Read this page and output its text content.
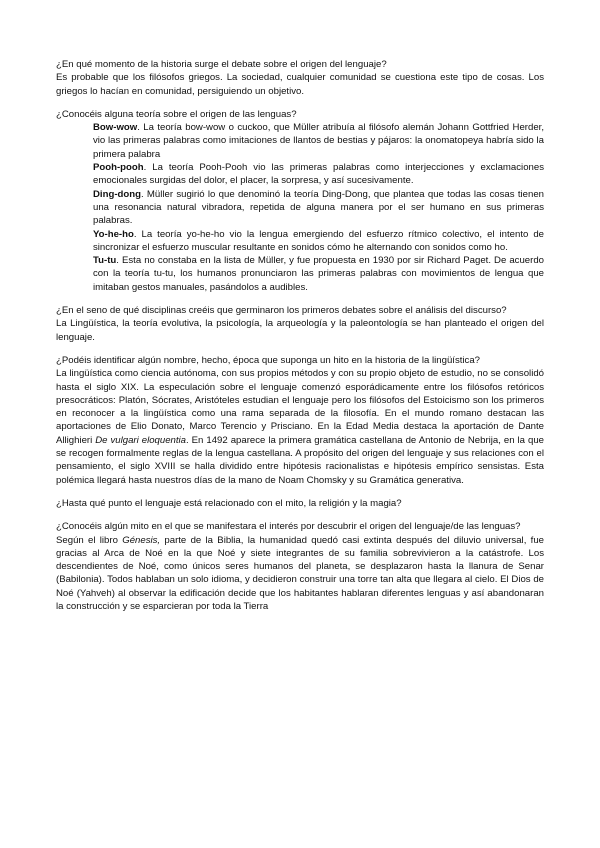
¿En qué momento de la historia surge el debate sobre el origen del lenguaje?

Es probable que los filósofos griegos. La sociedad, cualquier comunidad se cuestiona este tipo de cosas. Los griegos lo hacían en comunidad, persiguiendo un objetivo.

¿Conocéis alguna teoría sobre el origen de las lenguas?

Bow-wow. La teoría bow-wow o cuckoo, que Müller atribuía al filósofo alemán Johann Gottfried Herder, vio las primeras palabras como imitaciones de llantos de bestias y pájaros: la onomatopeya habría sido la primera palabra

Pooh-pooh. La teoría Pooh-Pooh vio las primeras palabras como interjecciones y exclamaciones emocionales surgidas del dolor, el placer, la sorpresa, y así sucesivamente.

Ding-dong. Müller sugirió lo que denominó la teoría Ding-Dong, que plantea que todas las cosas tienen una resonancia natural vibradora, repetida de alguna manera por el ser humano en sus primeras palabras.

Yo-he-ho. La teoría yo-he-ho vio la lengua emergiendo del esfuerzo rítmico colectivo, el intento de sincronizar el esfuerzo muscular resultante en sonidos cómo he alternando con sonidos como ho.

Tu-tu. Esta no constaba en la lista de Müller, y fue propuesta en 1930 por sir Richard Paget. De acuerdo con la teoría tu-tu, los humanos pronunciaron las primeras palabras con movimientos de lengua que imitaban gestos manuales, pasándolos a audibles.

¿En el seno de qué disciplinas creéis que germinaron los primeros debates sobre el análisis del discurso?

La Lingüística, la teoría evolutiva, la psicología, la arqueología y la paleontología se han planteado el origen del lenguaje.

¿Podéis identificar algún nombre, hecho, época que suponga un hito en la historia de la lingüística?

La lingüística como ciencia autónoma, con sus propios métodos y con su propio objeto de estudio, no se consolidó hasta el siglo XIX. La especulación sobre el lenguaje comenzó esporádicamente entre los filósofos retóricos presocráticos: Platón, Sócrates, Aristóteles estudian el lenguaje pero los filósofos del Estoicismo son los primeros en reconocer a la lingüística como una rama separada de la filosofía. En el mundo romano destacan las aportaciones de Elio Donato, Marco Terencio y Prisciano. En la Edad Media destaca la aportación de Dante Allighieri De vulgari eloquentia. En 1492 aparece la primera gramática castellana de Antonio de Nebrija, en la que se recogen formalmente reglas de la lengua castellana. A propósito del origen del lenguaje y sus relaciones con el pensamiento, el siglo XVIII se halla dividido entre hipótesis racionalistas e hipótesis empírico sensistas. Esta polémica llegará hasta nuestros días de la mano de Noam Chomsky y su Gramática generativa.

¿Hasta qué punto el lenguaje está relacionado con el mito, la religión y la magia?

¿Conocéis algún mito en el que se manifestara el interés por descubrir el origen del lenguaje/de las lenguas?

Según el libro Génesis, parte de la Biblia, la humanidad quedó casi extinta después del diluvio universal, fue gracias al Arca de Noé en la que Noé y siete integrantes de su familia sobrevivieron a la catástrofe. Los descendientes de Noé, como únicos seres humanos del planeta, se desplazaron hasta la llanura de Senar (Babilonia). Todos hablaban un solo idioma, y decidieron construir una torre tan alta que llegara al cielo. El Dios de Noé (Yahveh) al observar la edificación decide que los habitantes hablaran diferentes lenguas y así abandonaran la construcción y se esparcieran por toda la Tierra
